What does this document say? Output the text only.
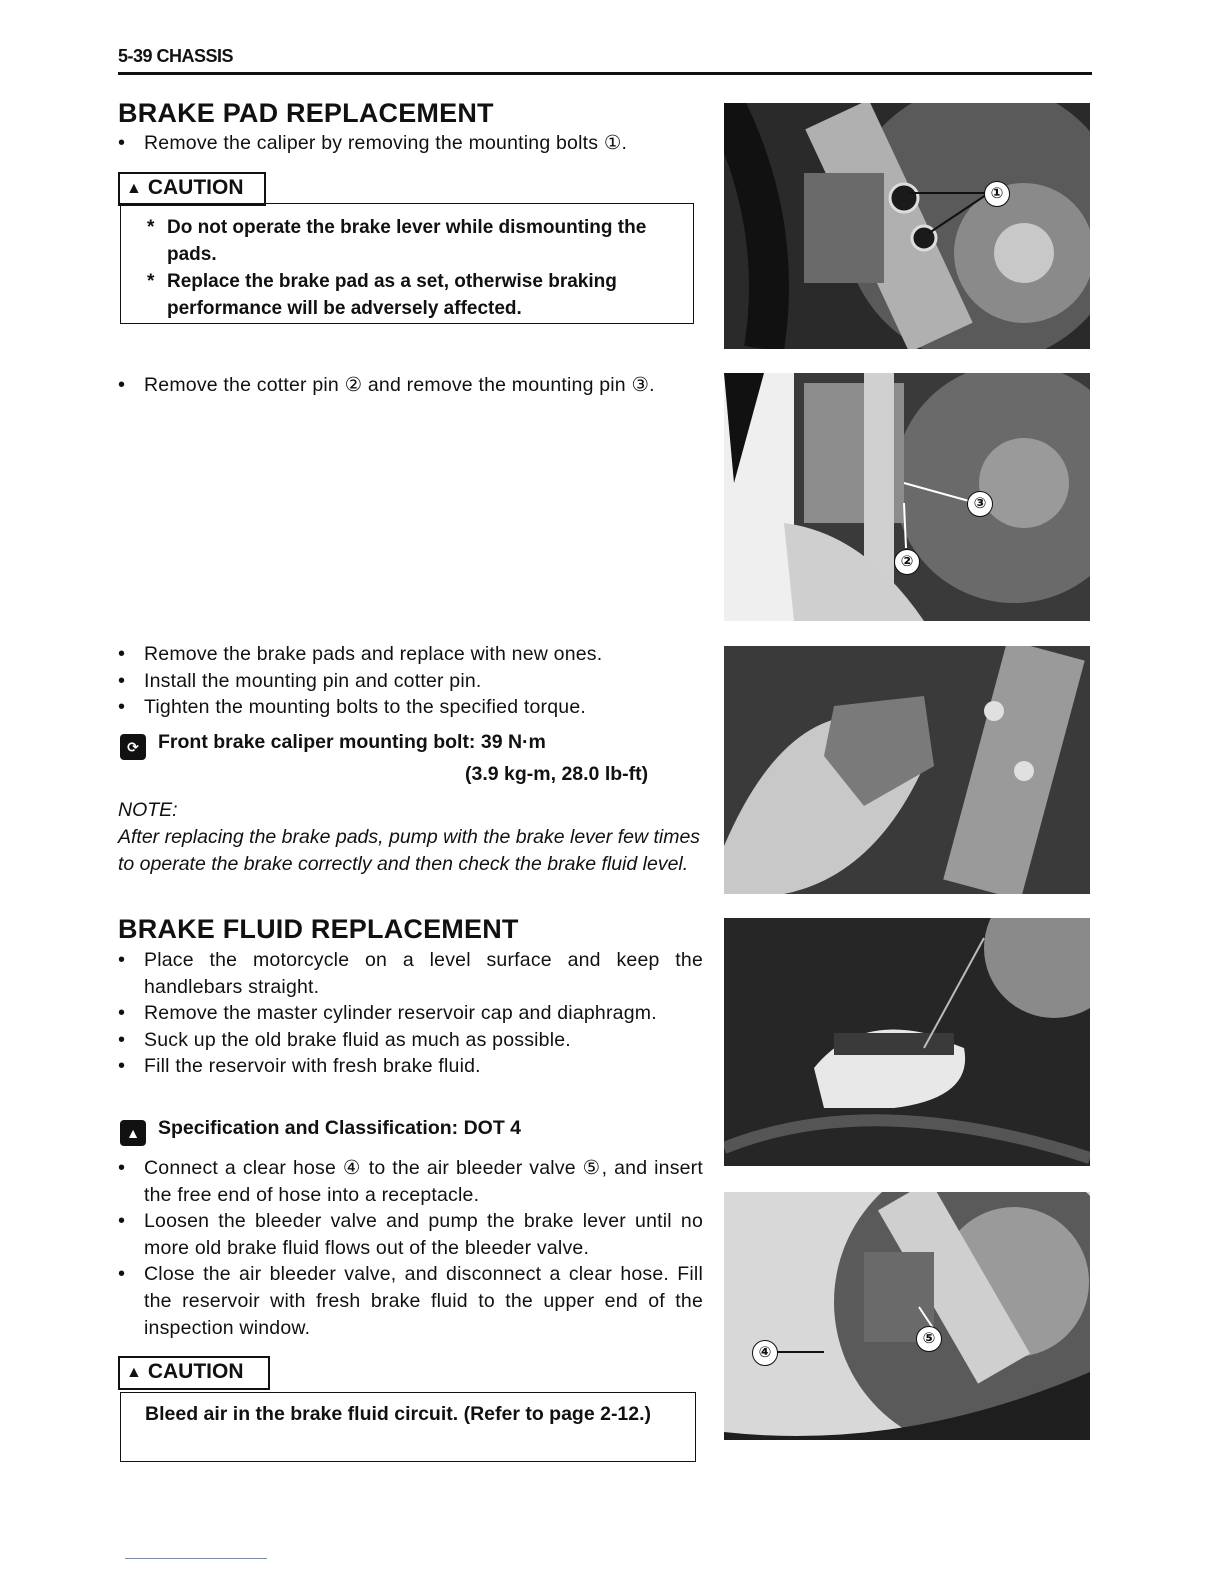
5-39 CHASSIS
BRAKE PAD REPLACEMENT
• Remove the caliper by removing the mounting bolts ①.
▲ CAUTION
* Do not operate the brake lever while dismounting the pads.
* Replace the brake pad as a set, otherwise braking performance will be adversely affected.
• Remove the cotter pin ② and remove the mounting pin ③.
• Remove the brake pads and replace with new ones.
• Install the mounting pin and cotter pin.
• Tighten the mounting bolts to the specified torque.
⟳ Front brake caliper mounting bolt: 39 N·m
(3.9 kg-m, 28.0 lb-ft)
NOTE:
After replacing the brake pads, pump with the brake lever few times to operate the brake correctly and then check the brake fluid level.
BRAKE FLUID REPLACEMENT
• Place the motorcycle on a level surface and keep the handlebars straight.
• Remove the master cylinder reservoir cap and diaphragm.
• Suck up the old brake fluid as much as possible.
• Fill the reservoir with fresh brake fluid.
▲ Specification and Classification: DOT 4
• Connect a clear hose ④ to the air bleeder valve ⑤, and insert the free end of hose into a receptacle.
• Loosen the bleeder valve and pump the brake lever until no more old brake fluid flows out of the bleeder valve.
• Close the air bleeder valve, and disconnect a clear hose. Fill the reservoir with fresh brake fluid to the upper end of the inspection window.
▲ CAUTION
Bleed air in the brake fluid circuit. (Refer to page 2-12.)
①
③
②
④
⑤
